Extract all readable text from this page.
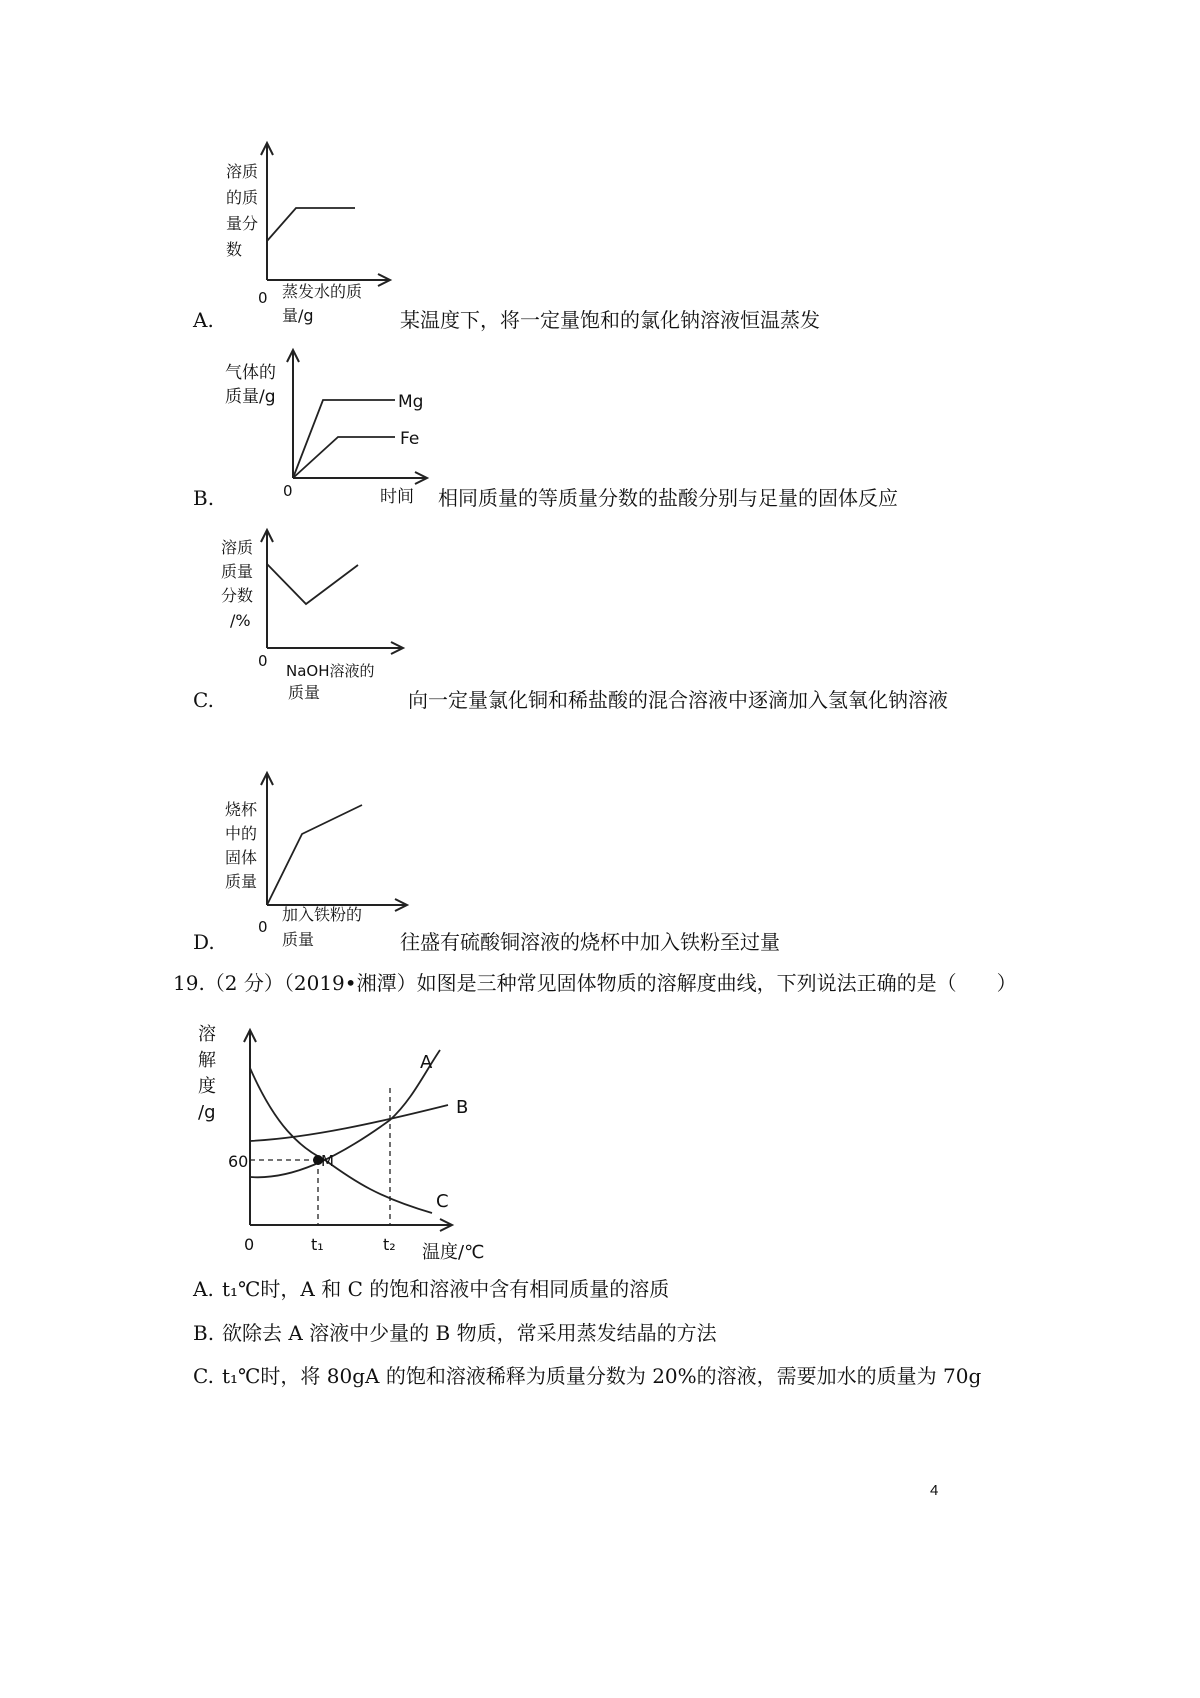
溶质
的质
量分
数
0 蒸发水的质
量/g
A.	某温度下，将一定量饱和的氯化钠溶液恒温蒸发
气体的
质量/g	Mg
Fe
0	时间
B.	相同质量的等质量分数的盐酸分别与足量的固体反应
溶质
质量
分数
/%
0
NaOH溶液的
质量
C.	向一定量氯化铜和稀盐酸的混合溶液中逐滴加入氢氧化钠溶液
烧杯
中的
固体
质量
0
加入铁粉的
质量
D.	往盛有硫酸铜溶液的烧杯中加入铁粉至过量
19.（2 分）（2019•湘潭）如图是三种常见固体物质的溶解度曲线，下列说法正确的是（　　）
溶
解
度
/g
60	M
A
B
C
0	t₁	t₂ 温度/℃
A. t₁℃时，A 和 C 的饱和溶液中含有相同质量的溶质
B. 欲除去 A 溶液中少量的 B 物质，常采用蒸发结晶的方法
C. t₁℃时，将 80gA 的饱和溶液稀释为质量分数为 20%的溶液，需要加水的质量为 70g
4
